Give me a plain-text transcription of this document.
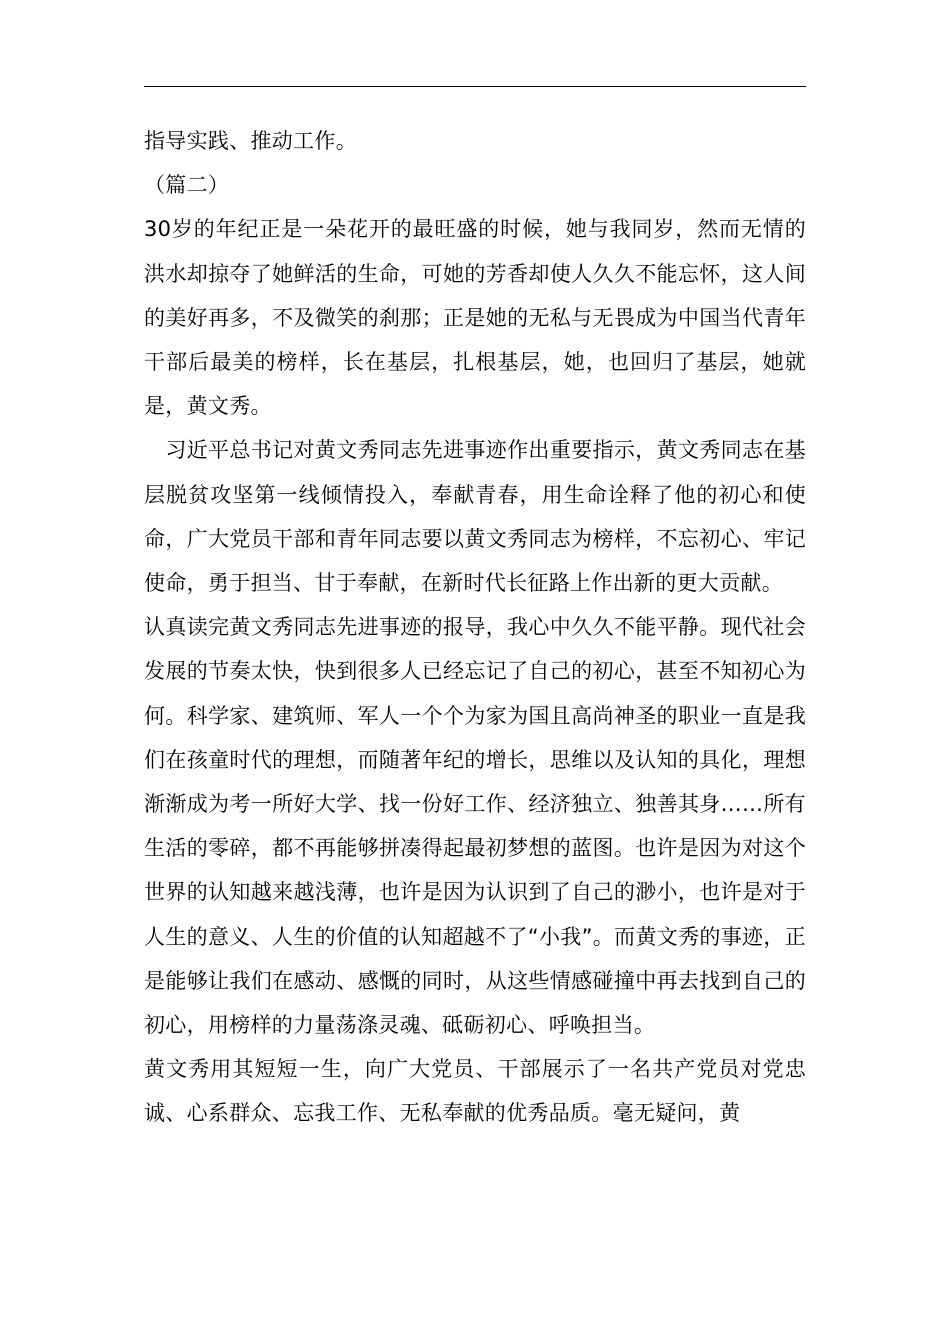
指导实践、推动工作。

（篇二）

30岁的年纪正是一朵花开的最旺盛的时候，她与我同岁，然而无情的洪水却掠夺了她鲜活的生命，可她的芳香却使人久久不能忘怀，这人间的美好再多，不及微笑的刹那；正是她的无私与无畏成为中国当代青年干部后最美的榜样，长在基层，扎根基层，她，也回归了基层，她就是，黄文秀。

　习近平总书记对黄文秀同志先进事迹作出重要指示，黄文秀同志在基层脱贫攻坚第一线倾情投入，奉献青春，用生命诠释了他的初心和使命，广大党员干部和青年同志要以黄文秀同志为榜样，不忘初心、牢记使命，勇于担当、甘于奉献，在新时代长征路上作出新的更大贡献。

认真读完黄文秀同志先进事迹的报导，我心中久久不能平静。现代社会发展的节奏太快，快到很多人已经忘记了自己的初心，甚至不知初心为何。科学家、建筑师、军人一个个为家为国且高尚神圣的职业一直是我们在孩童时代的理想，而随著年纪的增长，思维以及认知的具化，理想渐渐成为考一所好大学、找一份好工作、经济独立、独善其身……所有生活的零碎，都不再能够拼凑得起最初梦想的蓝图。也许是因为对这个世界的认知越来越浅薄，也许是因为认识到了自己的渺小，也许是对于人生的意义、人生的价值的认知超越不了“小我”。而黄文秀的事迹，正是能够让我们在感动、感慨的同时，从这些情感碰撞中再去找到自己的初心，用榜样的力量荡涤灵魂、砥砺初心、呼唤担当。

黄文秀用其短短一生，向广大党员、干部展示了一名共产党员对党忠诚、心系群众、忘我工作、无私奉献的优秀品质。毫无疑问，黄
